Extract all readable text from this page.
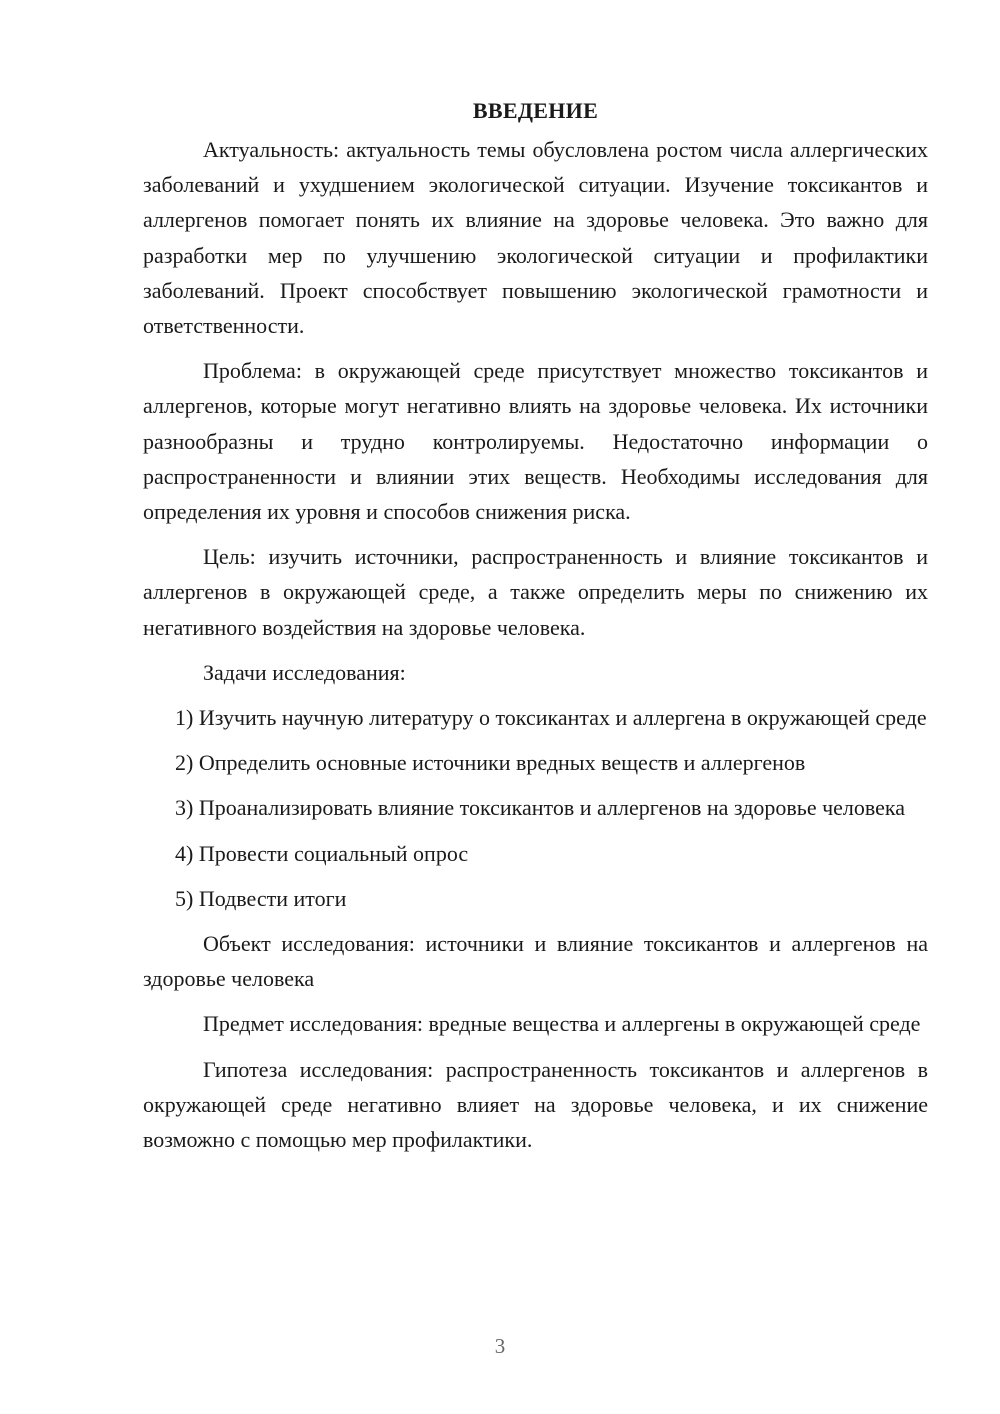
ВВЕДЕНИЕ

Актуальность: актуальность темы обусловлена ростом числа аллергических заболеваний и ухудшением экологической ситуации. Изучение токсикантов и аллергенов помогает понять их влияние на здоровье человека. Это важно для разработки мер по улучшению экологической ситуации и профилактики заболеваний. Проект способствует повышению экологической грамотности и ответственности.

Проблема: в окружающей среде присутствует множество токсикантов и аллергенов, которые могут негативно влиять на здоровье человека. Их источники разнообразны и трудно контролируемы. Недостаточно информации о распространенности и влиянии этих веществ. Необходимы исследования для определения их уровня и способов снижения риска.

Цель: изучить источники, распространенность и влияние токсикантов и аллергенов в окружающей среде, а также определить меры по снижению их негативного воздействия на здоровье человека.

Задачи исследования:

1) Изучить научную литературу о токсикантах и аллергена в окружающей среде

2) Определить основные источники вредных веществ и аллергенов

3) Проанализировать влияние токсикантов и аллергенов на здоровье человека

4) Провести социальный опрос

5) Подвести итоги

Объект исследования: источники и влияние токсикантов и аллергенов на здоровье человека

Предмет исследования: вредные вещества и аллергены в окружающей среде

Гипотеза исследования: распространенность токсикантов и аллергенов в окружающей среде негативно влияет на здоровье человека, и их снижение возможно с помощью мер профилактики.

3
